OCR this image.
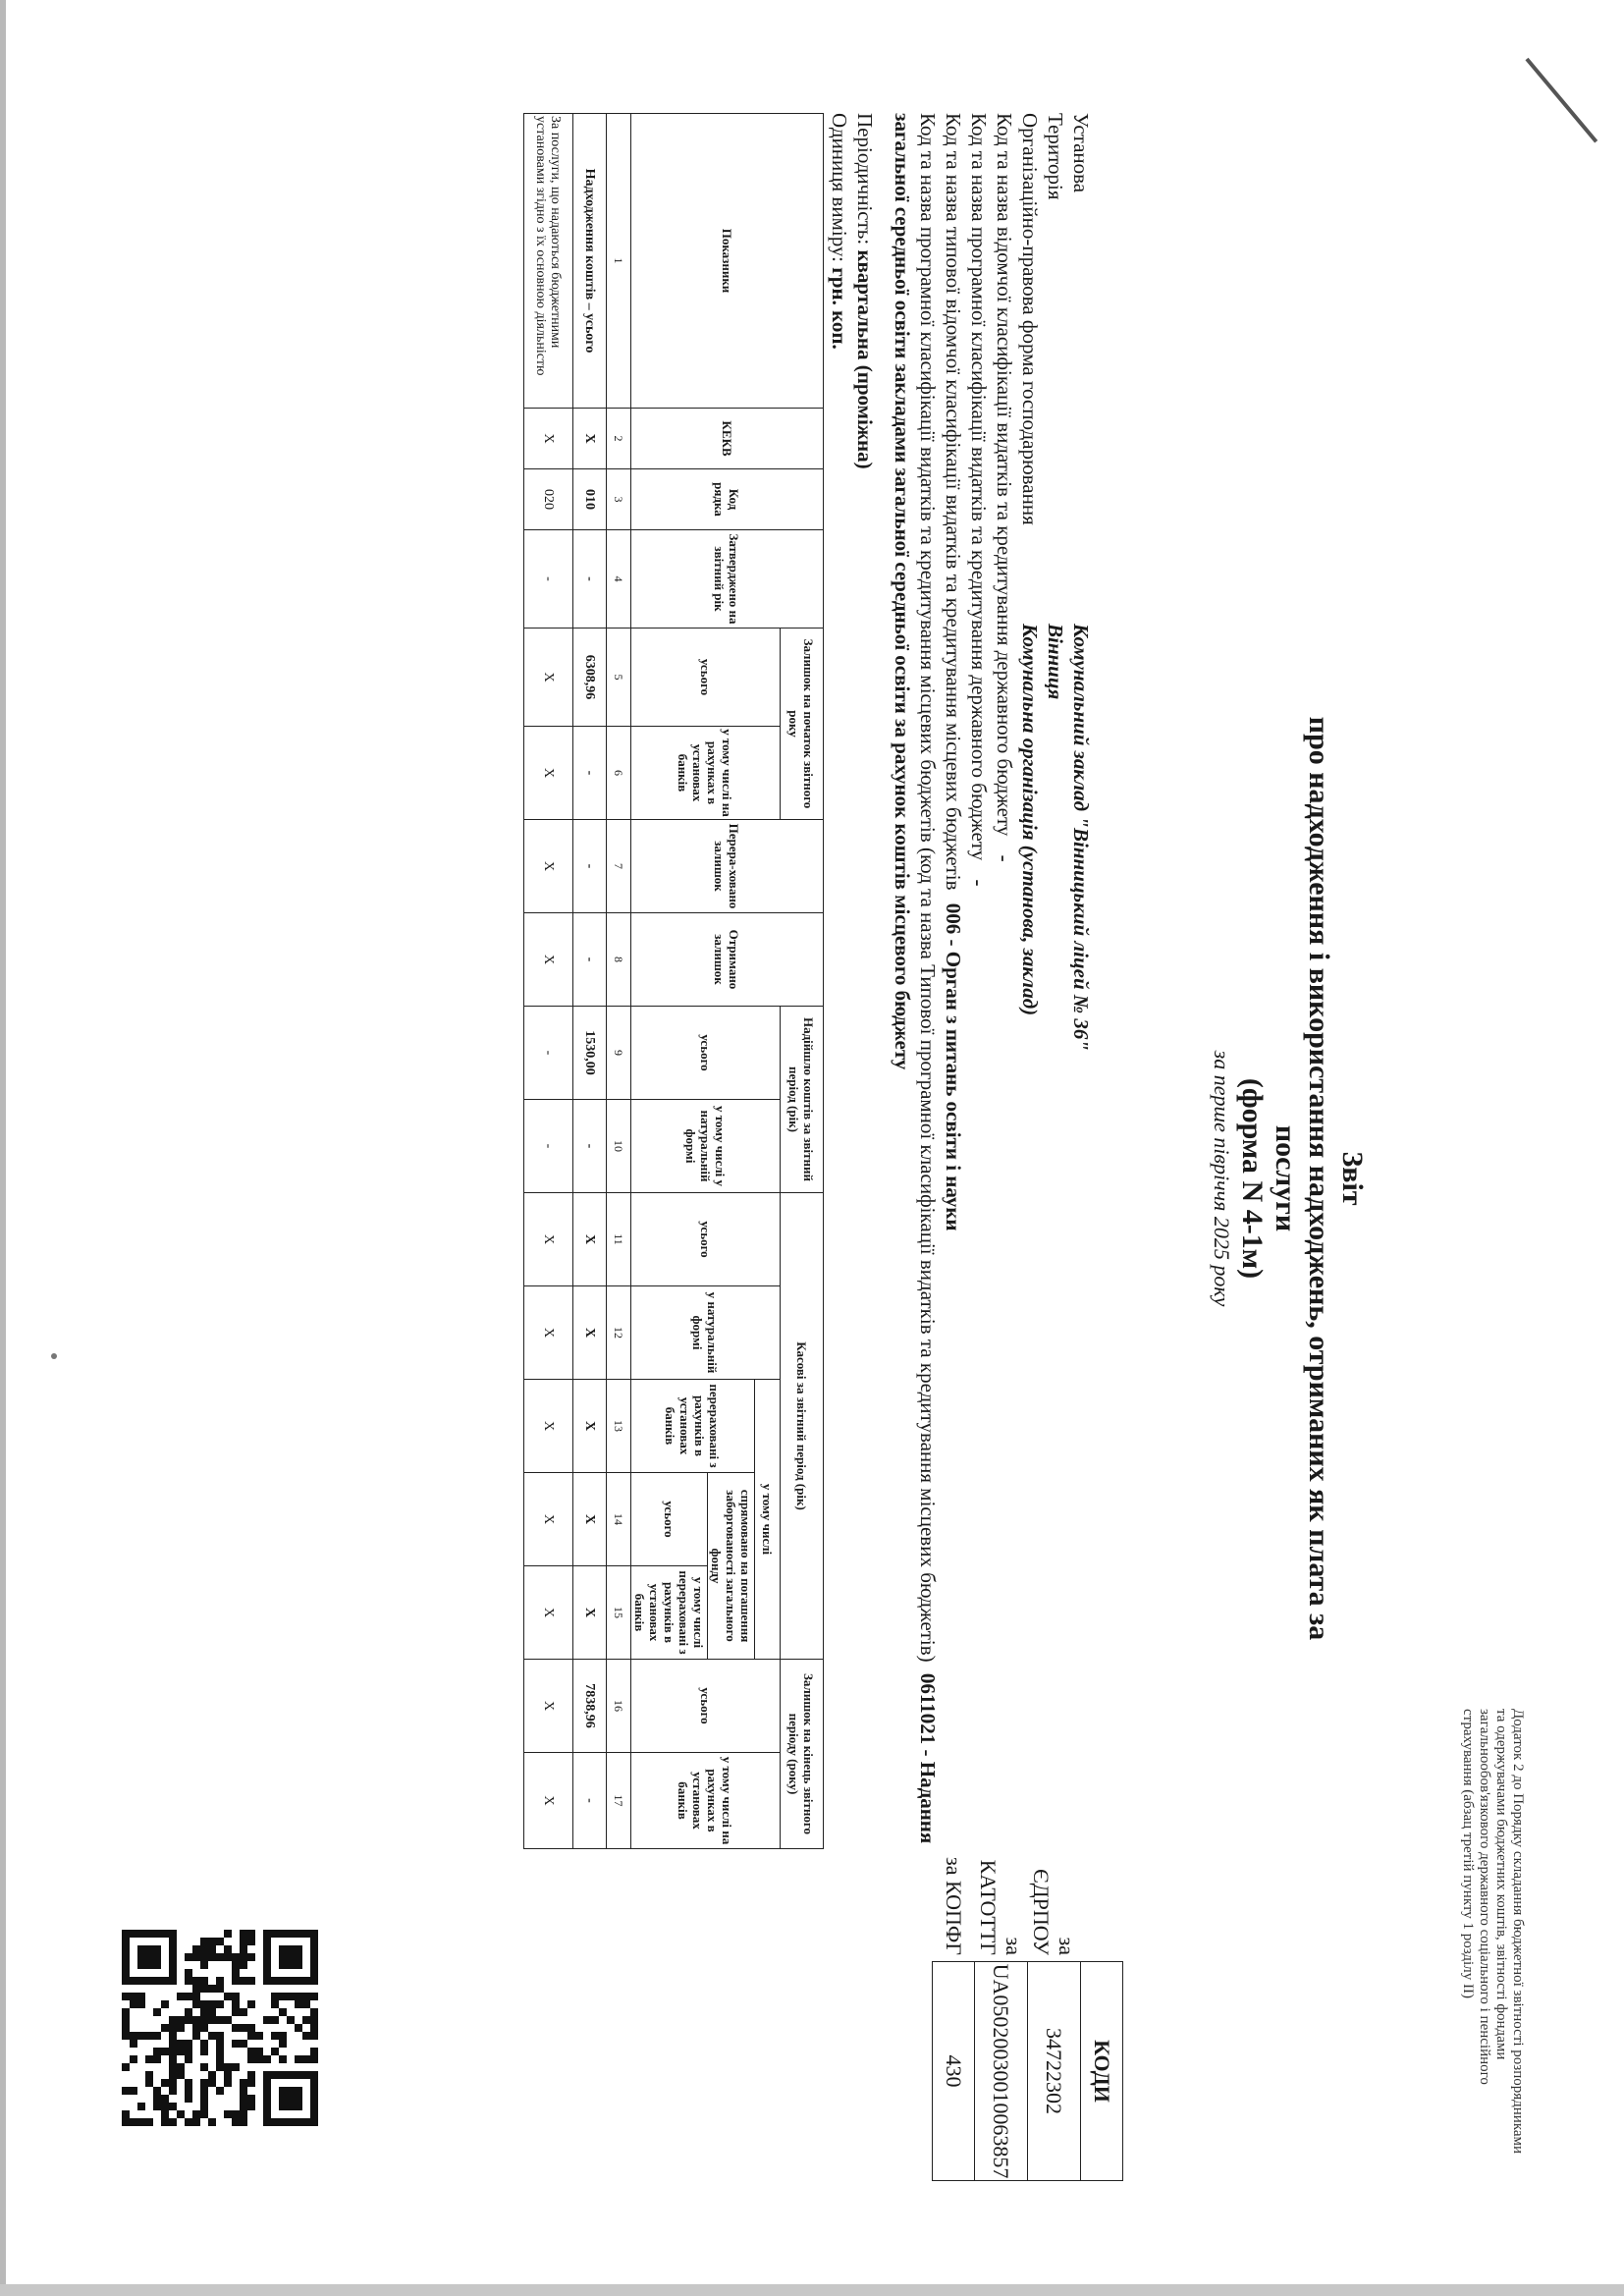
Додаток 2 до Порядку складання бюджетної звітності розпорядниками та одержувачами бюджетних коштів, звітності фондами загальнообов'язкового державного соціального і пенсійного страхування (абзац третій пункту 1 розділу II)
Звіт
про надходження і використання надходжень, отриманих як плата за послуги
(форма N 4-1м)
за перше півріччя 2025 року
	КОДИ
за ЄДРПОУ	34722302
за КАТОТТГ	UA05020030010063857
за КОПФГ	430
Установа
Комунальний заклад "Вінницький ліцей № 36"
Територія
Вінниця
Організаційно-правова форма господарювання
Комунальна організація (установа, заклад)
Код та назва відомчої класифікації видатків та кредитування державного бюджету -
Код та назва програмної класифікації видатків та кредитування державного бюджету -
Код та назва типової відомчої класифікації видатків та кредитування місцевих бюджетів 006 - Орган з питань освіти і науки
Код та назва програмної класифікації видатків та кредитування місцевих бюджетів (код та назва Типової програмної класифікації видатків та кредитування місцевих бюджетів) 0611021 - Надання загальної середньої освіти закладами загальної середньої освіти за рахунок коштів місцевого бюджету
Періодичність: квартальна (проміжна)
Одиниця виміру: грн. коп.
Показники	КЕКВ	Код рядка	Затверджено на звітний рік	Залишок на початок звітного року		Перера-ховано залишок	Отримано залишок	Надійшло коштів за звітний період (рік)		Касові за звітний період (рік)					Залишок на кінець звітного періоду (року)	
				усього	у тому числі на рахунках в установах банків			усього	у тому числі у натуральній формі	усього	у натуральній формі	у тому числі			усього	у тому числі на рахунках в установах банків
												перераховані з рахунків в установах банків	спрямовано на погашення заборгованості загального фонду			
													усього	у тому числі перераховані з рахунків в установах банків		
1	2	3	4	5	6	7	8	9	10	11	12	13	14	15	16	17
Надходження коштів – усього	X	010	-	6308,96	-	-	-	1530,00	-	X	X	X	X	X	7838,96	-
За послуги, що надаються бюджетними установами згідно з їх основною діяльністю	X	020	-	X	X	X	X	-	-	X	X	X	X	X	X	X
